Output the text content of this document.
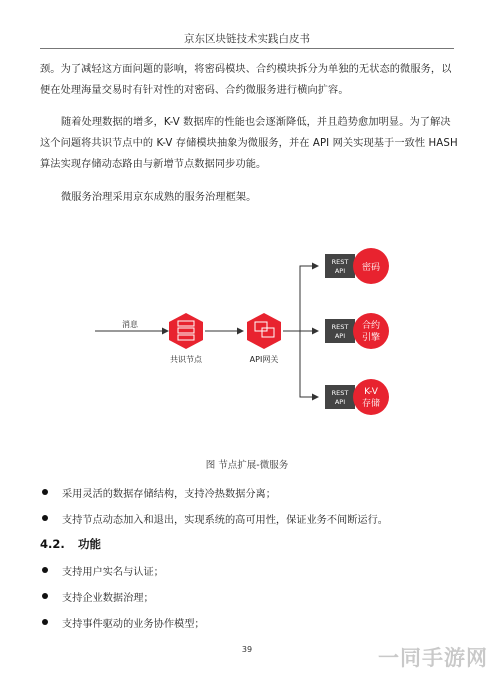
京东区块链技术实践白皮书
颈。为了减轻这方面问题的影响，将密码模块、合约模块拆分为单独的无状态的微服务，以
便在处理海量交易时有针对性的对密码、合约微服务进行横向扩容。
随着处理数据的增多，K-V 数据库的性能也会逐渐降低，并且趋势愈加明显。为了解决
这个问题将共识节点中的 K-V 存储模块抽象为微服务，并在 API 网关实现基于一致性 HASH
算法实现存储动态路由与新增节点数据同步功能。
微服务治理采用京东成熟的服务治理框架。
消息
共识节点	API网关
REST
API 密码
REST
API
合约
引擎
REST
API
K-V
存储
图 节点扩展-微服务
采用灵活的数据存储结构，支持冷热数据分离；
支持节点动态加入和退出，实现系统的高可用性，保证业务不间断运行。
4.2. 功能
支持用户实名与认证；
支持企业数据治理；
支持事件驱动的业务协作模型；
39	一同手游网
